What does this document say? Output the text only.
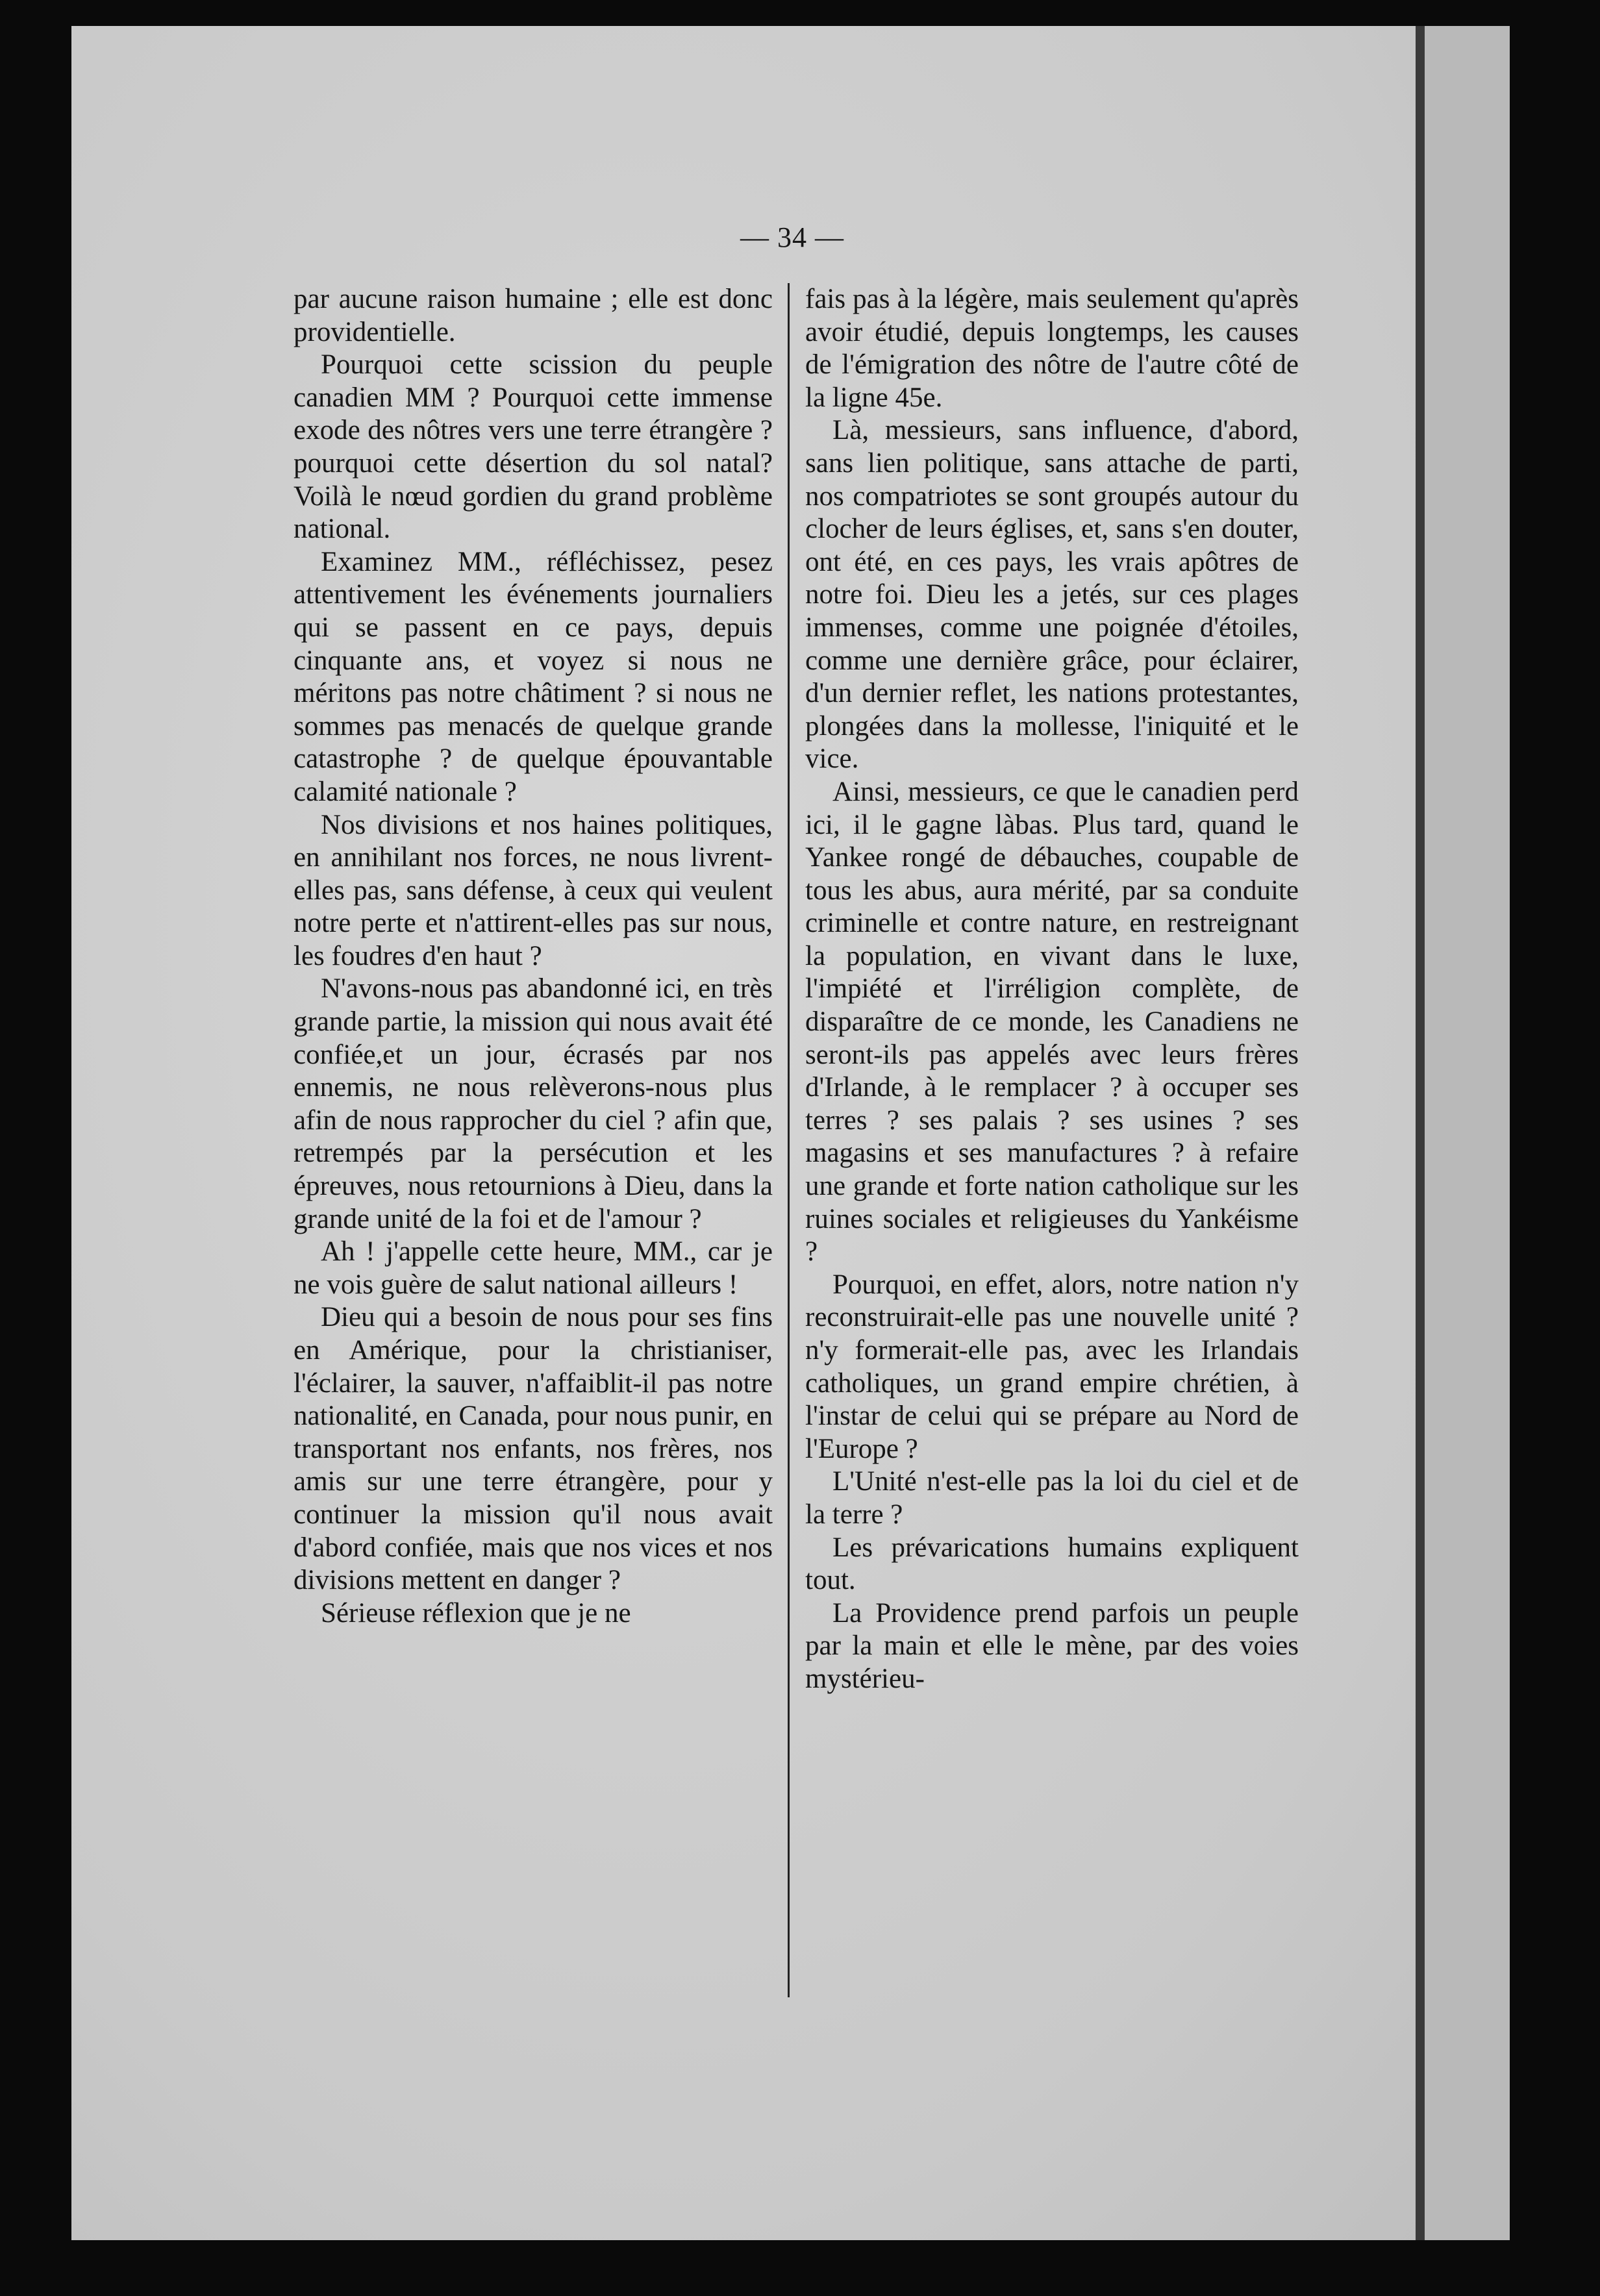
— 34 —

par aucune raison humaine ; elle est donc providentielle.

Pourquoi cette scission du peuple canadien MM ? Pourquoi cette immense exode des nôtres vers une terre étrangère ? pourquoi cette désertion du sol natal? Voilà le nœud gordien du grand problème national.

Examinez MM., réfléchissez, pesez attentivement les événements journaliers qui se passent en ce pays, depuis cinquante ans, et voyez si nous ne méritons pas notre châtiment ? si nous ne sommes pas menacés de quelque grande catastrophe ? de quelque épouvantable calamité nationale ?

Nos divisions et nos haines politiques, en annihilant nos forces, ne nous livrent-elles pas, sans défense, à ceux qui veulent notre perte et n'attirent-elles pas sur nous, les foudres d'en haut ?

N'avons-nous pas abandonné ici, en très grande partie, la mission qui nous avait été confiée,et un jour, écrasés par nos ennemis, ne nous relèverons-nous plus afin de nous rapprocher du ciel ? afin que, retrempés par la persécution et les épreuves, nous retournions à Dieu, dans la grande unité de la foi et de l'amour ?

Ah ! j'appelle cette heure, MM., car je ne vois guère de salut national ailleurs !

Dieu qui a besoin de nous pour ses fins en Amérique, pour la christianiser, l'éclairer, la sauver, n'affaiblit-il pas notre nationalité, en Canada, pour nous punir, en transportant nos enfants, nos frères, nos amis sur une terre étrangère, pour y continuer la mission qu'il nous avait d'abord confiée, mais que nos vices et nos divisions mettent en danger ?

Sérieuse réflexion que je ne

fais pas à la légère, mais seulement qu'après avoir étudié, depuis longtemps, les causes de l'émigration des nôtre de l'autre côté de la ligne 45e.

Là, messieurs, sans influence, d'abord, sans lien politique, sans attache de parti, nos compatriotes se sont groupés autour du clocher de leurs églises, et, sans s'en douter, ont été, en ces pays, les vrais apôtres de notre foi. Dieu les a jetés, sur ces plages immenses, comme une poignée d'étoiles, comme une dernière grâce, pour éclairer, d'un dernier reflet, les nations protestantes, plongées dans la mollesse, l'iniquité et le vice.

Ainsi, messieurs, ce que le canadien perd ici, il le gagne làbas. Plus tard, quand le Yankee rongé de débauches, coupable de tous les abus, aura mérité, par sa conduite criminelle et contre nature, en restreignant la population, en vivant dans le luxe, l'impiété et l'irréligion complète, de disparaître de ce monde, les Canadiens ne seront-ils pas appelés avec leurs frères d'Irlande, à le remplacer ? à occuper ses terres ? ses palais ? ses usines ? ses magasins et ses manufactures ? à refaire une grande et forte nation catholique sur les ruines sociales et religieuses du Yankéisme ?

Pourquoi, en effet, alors, notre nation n'y reconstruirait-elle pas une nouvelle unité ? n'y formerait-elle pas, avec les Irlandais catholiques, un grand empire chrétien, à l'instar de celui qui se prépare au Nord de l'Europe ?

L'Unité n'est-elle pas la loi du ciel et de la terre ?

Les prévarications humains expliquent tout.

La Providence prend parfois un peuple par la main et elle le mène, par des voies mystérieu-
